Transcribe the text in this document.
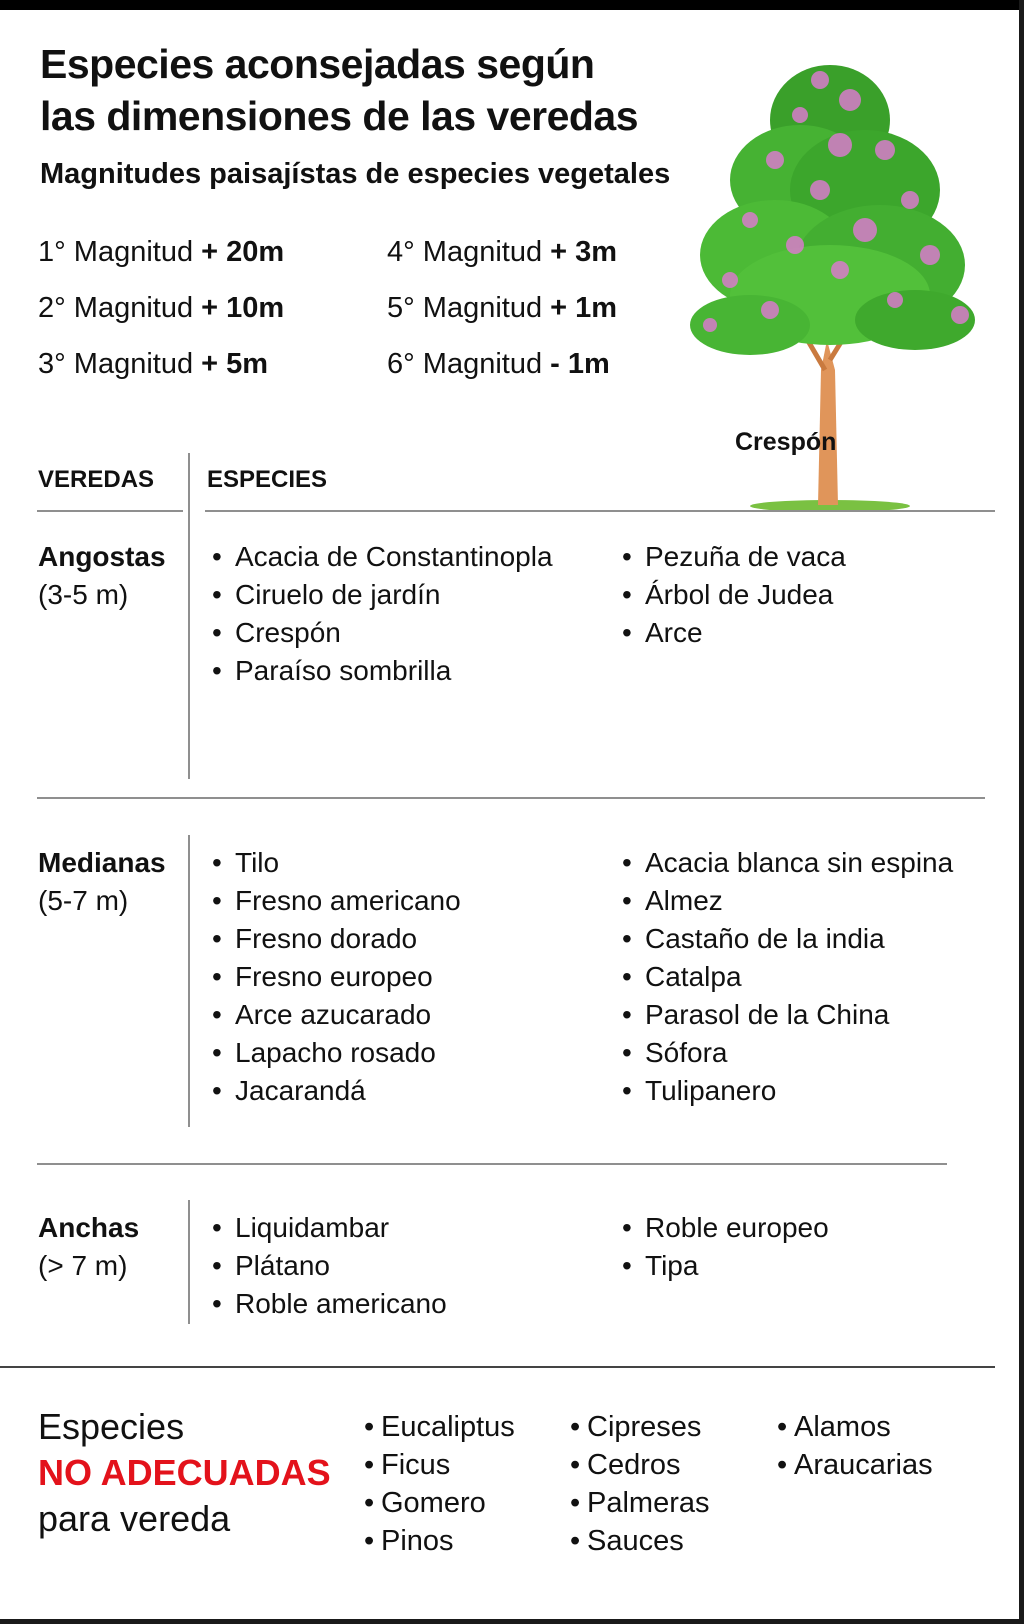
Especies aconsejadas según
las dimensiones de las veredas
Magnitudes paisajístas de especies vegetales
1° Magnitud + 20m
2° Magnitud + 10m
3° Magnitud + 5m
4° Magnitud + 3m
5° Magnitud + 1m
6° Magnitud - 1m
Crespón
VEREDAS ESPECIES
Angostas
(3-5 m)
• Acacia de Constantinopla
• Ciruelo de jardín
• Crespón
• Paraíso sombrilla
• Pezuña de vaca
• Árbol de Judea
• Arce
Medianas
(5-7 m)
• Tilo
• Fresno americano
• Fresno dorado
• Fresno europeo
• Arce azucarado
• Lapacho rosado
• Jacarandá
• Acacia blanca sin espina
• Almez
• Castaño de la india
• Catalpa
• Parasol de la China
• Sófora
• Tulipanero
Anchas
(> 7 m)
• Liquidambar
• Plátano
• Roble americano
• Roble europeo
• Tipa
Especies
NO ADECUADAS
para vereda
• Eucaliptus
• Ficus
• Gomero
• Pinos
• Cipreses
• Cedros
• Palmeras
• Sauces
• Alamos
• Araucarias
